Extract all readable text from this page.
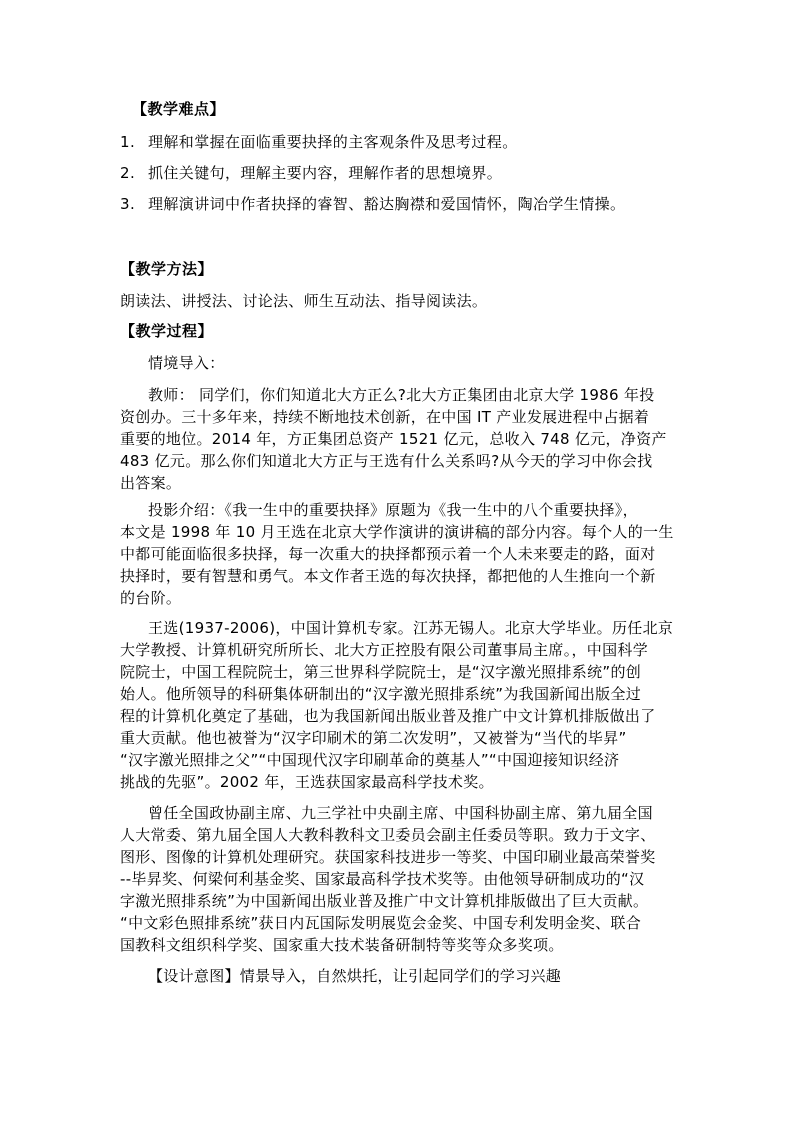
【教学难点】
1. 理解和掌握在面临重要抉择的主客观条件及思考过程。
2. 抓住关键句，理解主要内容，理解作者的思想境界。
3. 理解演讲词中作者抉择的睿智、豁达胸襟和爱国情怀，陶冶学生情操。
【教学方法】
朗读法、讲授法、讨论法、师生互动法、指导阅读法。
【教学过程】
情境导入：
教师： 同学们，你们知道北大方正么?北大方正集团由北京大学 1986 年投
资创办。三十多年来，持续不断地技术创新，在中国 IT 产业发展进程中占据着
重要的地位。2014 年，方正集团总资产 1521 亿元，总收入 748 亿元，净资产
483 亿元。那么你们知道北大方正与王选有什么关系吗?从今天的学习中你会找
出答案。
投影介绍：《我一生中的重要抉择》原题为《我一生中的八个重要抉择》，
本文是 1998 年 10 月王选在北京大学作演讲的演讲稿的部分内容。每个人的一生
中都可能面临很多抉择，每一次重大的抉择都预示着一个人未来要走的路，面对
抉择时，要有智慧和勇气。本文作者王选的每次抉择，都把他的人生推向一个新
的台阶。
王选(1937-2006)，中国计算机专家。江苏无锡人。北京大学毕业。历任北京
大学教授、计算机研究所所长、北大方正控股有限公司董事局主席。，中国科学
院院士，中国工程院院士，第三世界科学院院士，是“汉字激光照排系统”的创
始人。他所领导的科研集体研制出的“汉字激光照排系统”为我国新闻出版全过
程的计算机化奠定了基础，也为我国新闻出版业普及推广中文计算机排版做出了
重大贡献。他也被誉为“汉字印刷术的第二次发明”，又被誉为“当代的毕昇”
“汉字激光照排之父”“中国现代汉字印刷革命的奠基人”“中国迎接知识经济
挑战的先驱”。2002 年，王选获国家最高科学技术奖。
曾任全国政协副主席、九三学社中央副主席、中国科协副主席、第九届全国
人大常委、第九届全国人大教科教科文卫委员会副主任委员等职。致力于文字、
图形、图像的计算机处理研究。获国家科技进步一等奖、中国印刷业最高荣誉奖
--毕昇奖、何梁何利基金奖、国家最高科学技术奖等。由他领导研制成功的“汉
字激光照排系统”为中国新闻出版业普及推广中文计算机排版做出了巨大贡献。
“中文彩色照排系统”获日内瓦国际发明展览会金奖、中国专利发明金奖、联合
国教科文组织科学奖、国家重大技术装备研制特等奖等众多奖项。
【设计意图】情景导入，自然烘托，让引起同学们的学习兴趣
